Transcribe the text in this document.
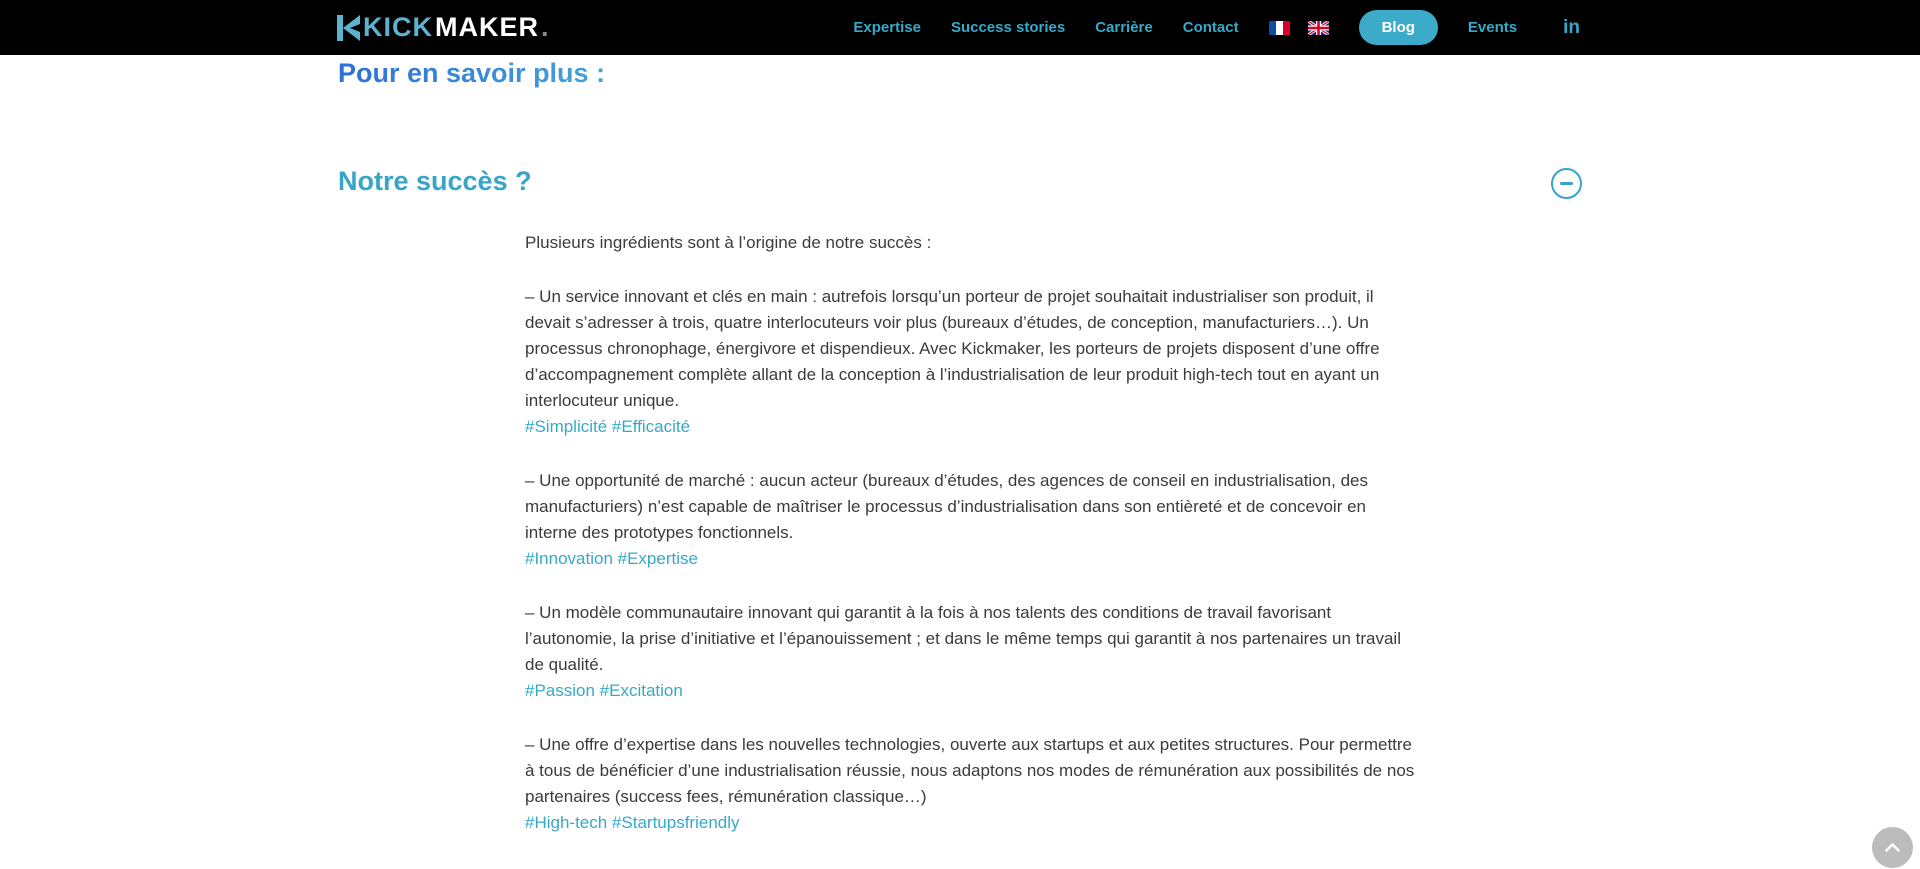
KICK MAKER .	Expertise Success stories Carrière Contact	Blog	Events in
Pour en savoir plus :
Notre succès ?

Plusieurs ingrédients sont à l’origine de notre succès :

– Un service innovant et clés en main : autrefois lorsqu’un porteur de projet souhaitait industrialiser son produit, il devait s’adresser à trois, quatre interlocuteurs voir plus (bureaux d’études, de conception, manufacturiers…). Un processus chronophage, énergivore et dispendieux. Avec Kickmaker, les porteurs de projets disposent d’une offre d’accompagnement complète allant de la conception à l’industrialisation de leur produit high-tech tout en ayant un interlocuteur unique.
#Simplicité #Efficacité
– Une opportunité de marché : aucun acteur (bureaux d’études, des agences de conseil en industrialisation, des manufacturiers) n’est capable de maîtriser le processus d’industrialisation dans son entièreté et de concevoir en interne des prototypes fonctionnels.
#Innovation #Expertise
– Un modèle communautaire innovant qui garantit à la fois à nos talents des conditions de travail favorisant l’autonomie, la prise d’initiative et l’épanouissement ; et dans le même temps qui garantit à nos partenaires un travail de qualité.
#Passion #Excitation
– Une offre d’expertise dans les nouvelles technologies, ouverte aux startups et aux petites structures. Pour permettre à tous de bénéficier d’une industrialisation réussie, nous adaptons nos modes de rémunération aux possibilités de nos partenaires (success fees, rémunération classique…)
#High-tech #Startupsfriendly
